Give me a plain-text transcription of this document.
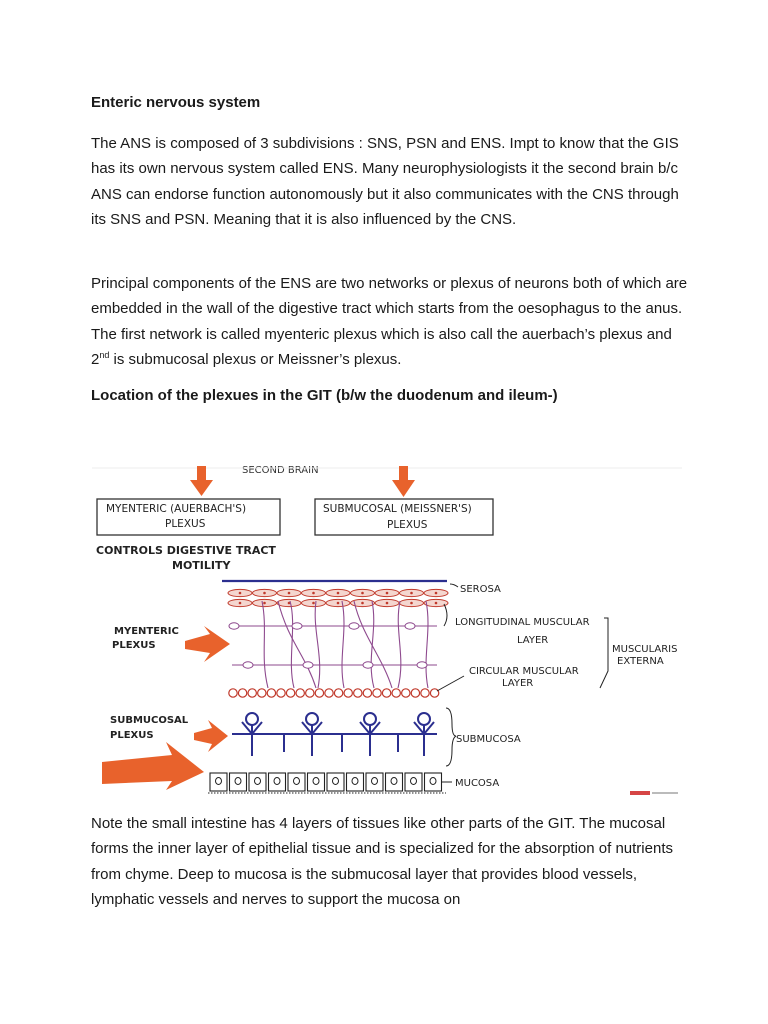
Enteric nervous system

The ANS is composed of 3 subdivisions : SNS, PSN and ENS. Impt to know that the GIS has its own nervous system called ENS. Many neurophysiologists it the second brain b/c ANS can endorse function autonomously but it also communicates with the CNS through its SNS and PSN. Meaning that it is also influenced by the CNS.

Principal components of the ENS are two networks or plexus of neurons both of which are embedded in the wall of the digestive tract which starts from the oesophagus to the anus. The first network is called myenteric plexus which is also call the auerbach’s plexus and 2nd is submucosal plexus or Meissner’s plexus.

Location of the plexues in the GIT (b/w the duodenum and ileum-)
SECOND BRAIN
MYENTERIC (AUERBACH'S)
PLEXUS
SUBMUCOSAL (MEISSNER'S)
PLEXUS
CONTROLS DIGESTIVE TRACT
MOTILITY
MYENTERIC
PLEXUS
SUBMUCOSAL
PLEXUS
SEROSA
LONGITUDINAL MUSCULAR
LAYER
CIRCULAR MUSCULAR
LAYER
MUSCULARIS
EXTERNA
SUBMUCOSA
MUCOSA

Note the small intestine has 4 layers of tissues like other parts of the GIT. The mucosal forms the inner layer of epithelial tissue and is specialized for the absorption of nutrients from chyme. Deep to mucosa is the submucosal layer that provides blood vessels, lymphatic vessels and nerves to support the mucosa on
